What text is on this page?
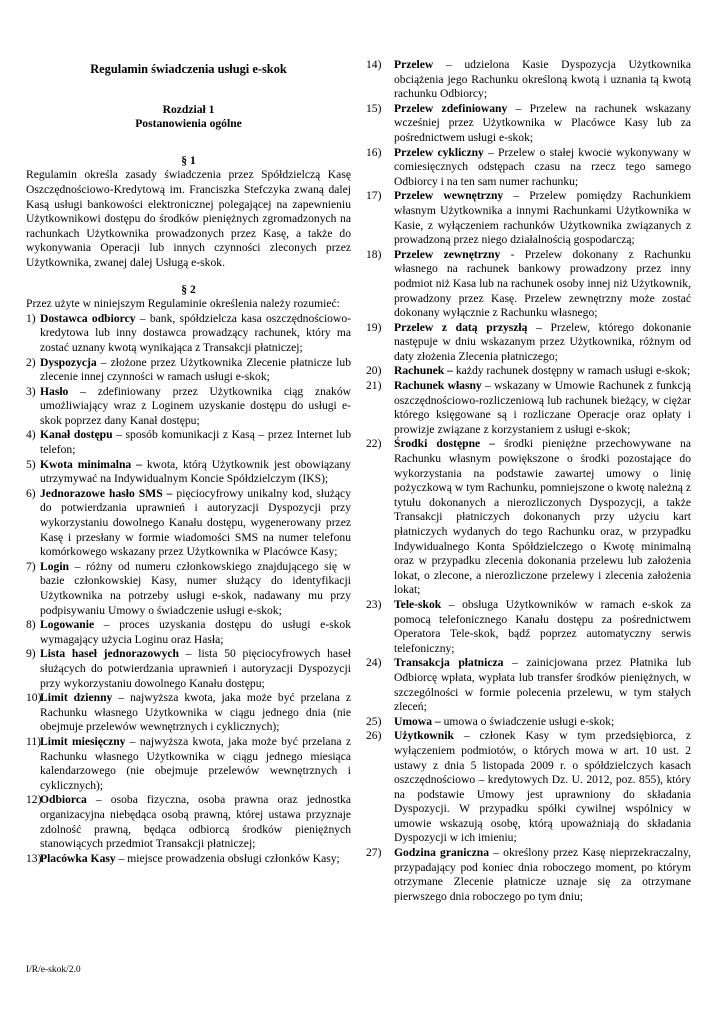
Regulamin świadczenia usługi e-skok

Rozdział 1

Postanowienia ogólne

§ 1

Regulamin określa zasady świadczenia przez Spółdzielczą Kasę Oszczędnościowo-Kredytową im. Franciszka Stefczyka zwaną dalej Kasą usługi bankowości elektronicznej polegającej na zapewnieniu Użytkownikowi dostępu do środków pieniężnych zgromadzonych na rachunkach Użytkownika prowadzonych przez Kasę, a także do wykonywania Operacji lub innych czynności zleconych przez Użytkownika, zwanej dalej Usługą e-skok.

§ 2

Przez użyte w niniejszym Regulaminie określenia należy rozumieć:

1) Dostawca odbiorcy – bank, spółdzielcza kasa oszczędnościowo-kredytowa lub inny dostawca prowadzący rachunek, który ma zostać uznany kwotą wynikająca z Transakcji płatniczej;
2) Dyspozycja – złożone przez Użytkownika Zlecenie płatnicze lub zlecenie innej czynności w ramach usługi e-skok;
3) Hasło – zdefiniowany przez Użytkownika ciąg znaków umożliwiający wraz z Loginem uzyskanie dostępu do usługi e-skok poprzez dany Kanał dostępu;
4) Kanał dostępu – sposób komunikacji z Kasą – przez Internet lub telefon;
5) Kwota minimalna – kwota, którą Użytkownik jest obowiązany utrzymywać na Indywidualnym Koncie Spółdzielczym (IKS);
6) Jednorazowe hasło SMS – pięciocyfrowy unikalny kod, służący do potwierdzania uprawnień i autoryzacji Dyspozycji przy wykorzystaniu dowolnego Kanału dostępu, wygenerowany przez Kasę i przesłany w formie wiadomości SMS na numer telefonu komórkowego wskazany przez Użytkownika w Placówce Kasy;
7) Login – różny od numeru członkowskiego znajdującego się w bazie członkowskiej Kasy, numer służący do identyfikacji Użytkownika na potrzeby usługi e-skok, nadawany mu przy podpisywaniu Umowy o świadczenie usługi e-skok;
8) Logowanie – proces uzyskania dostępu do usługi e-skok wymagający użycia Loginu oraz Hasła;
9) Lista haseł jednorazowych – lista 50 pięciocyfrowych haseł służących do potwierdzania uprawnień i autoryzacji Dyspozycji przy wykorzystaniu dowolnego Kanału dostępu;
10)
Limit dzienny – najwyższa kwota, jaka może być przelana z Rachunku własnego Użytkownika w ciągu jednego dnia (nie obejmuje przelewów wewnętrznych i cyklicznych);
11)
Limit miesięczny – najwyższa kwota, jaka może być przelana z Rachunku własnego Użytkownika w ciągu jednego miesiąca kalendarzowego (nie obejmuje przelewów wewnętrznych i cyklicznych);
12)
Odbiorca – osoba fizyczna, osoba prawna oraz jednostka organizacyjna niebędąca osobą prawną, której ustawa przyznaje zdolność prawną, będąca odbiorcą środków pieniężnych stanowiących przedmiot Transakcji płatniczej;
13)
Placówka Kasy – miejsce prowadzenia obsługi członków Kasy;
14)	Przelew – udzielona Kasie Dyspozycja Użytkownika obciążenia jego Rachunku określoną kwotą i uznania tą kwotą rachunku Odbiorcy;
15)	Przelew zdefiniowany – Przelew na rachunek wskazany wcześniej przez Użytkownika w Placówce Kasy lub za pośrednictwem usługi e-skok;
16)	Przelew cykliczny – Przelew o stałej kwocie wykonywany w comiesięcznych odstępach czasu na rzecz tego samego Odbiorcy i na ten sam numer rachunku;
17)	Przelew wewnętrzny – Przelew pomiędzy Rachunkiem własnym Użytkownika a innymi Rachunkami Użytkownika w Kasie, z wyłączeniem rachunków Użytkownika związanych z prowadzoną przez niego działalnością gospodarczą;
18)	Przelew zewnętrzny - Przelew dokonany z Rachunku własnego na rachunek bankowy prowadzony przez inny podmiot niż Kasa lub na rachunek osoby innej niż Użytkownik, prowadzony przez Kasę. Przelew zewnętrzny może zostać dokonany wyłącznie z Rachunku własnego;
19)	Przelew z datą przyszłą – Przelew, którego dokonanie następuje w dniu wskazanym przez Użytkownika, różnym od daty złożenia Zlecenia płatniczego;
20)	Rachunek – każdy rachunek dostępny w ramach usługi e-skok;
21)	Rachunek własny – wskazany w Umowie Rachunek z funkcją oszczędnościowo-rozliczeniową lub rachunek bieżący, w ciężar którego księgowane są i rozliczane Operacje oraz opłaty i prowizje związane z korzystaniem z usługi e-skok;
22)	Środki dostępne – środki pieniężne przechowywane na Rachunku własnym powiększone o środki pozostające do wykorzystania na podstawie zawartej umowy o linię pożyczkową w tym Rachunku, pomniejszone o kwotę należną z tytułu dokonanych a nierozliczonych Dyspozycji, a także Transakcji płatniczych dokonanych przy użyciu kart płatniczych wydanych do tego Rachunku oraz, w przypadku Indywidualnego Konta Spółdzielczego o Kwotę minimalną oraz w przypadku zlecenia dokonania przelewu lub założenia lokat, o zlecone, a nierozliczone przelewy i zlecenia założenia lokat;
23)	Tele-skok – obsługa Użytkowników w ramach e-skok za pomocą telefonicznego Kanału dostępu za pośrednictwem Operatora Tele-skok, bądź poprzez automatyczny serwis telefoniczny;
24)	Transakcja płatnicza – zainicjowana przez Płatnika lub Odbiorcę wpłata, wypłata lub transfer środków pieniężnych, w szczególności w formie polecenia przelewu, w tym stałych zleceń;
25)	Umowa – umowa o świadczenie usługi e-skok;
26)	Użytkownik – członek Kasy w tym przedsiębiorca, z wyłączeniem podmiotów, o których mowa w art. 10 ust. 2 ustawy z dnia 5 listopada 2009 r. o spółdzielczych kasach oszczędnościowo – kredytowych Dz. U. 2012, poz. 855), który na podstawie Umowy jest uprawniony do składania Dyspozycji. W przypadku spółki cywilnej wspólnicy w umowie wskazują osobę, którą upoważniają do składania Dyspozycji w ich imieniu;
27)	Godzina graniczna – określony przez Kasę nieprzekraczalny, przypadający pod koniec dnia roboczego moment, po którym otrzymane Zlecenie płatnicze uznaje się za otrzymane pierwszego dnia roboczego po tym dniu;
I/R/e-skok/2.0
